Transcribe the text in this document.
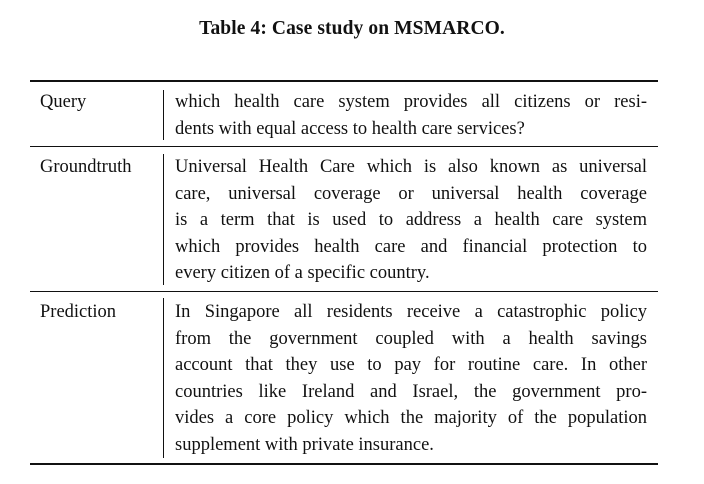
Table 4: Case study on MSMARCO.
Query	which health care system provides all citizens or resi-
dents with equal access to health care services?
Groundtruth Universal Health Care which is also known as universal
care, universal coverage or universal health coverage
is a term that is used to address a health care system
which provides health care and financial protection to
every citizen of a specific country.
Prediction	In Singapore all residents receive a catastrophic policy
from the government coupled with a health savings
account that they use to pay for routine care. In other
countries like Ireland and Israel, the government pro-
vides a core policy which the majority of the population
supplement with private insurance.
